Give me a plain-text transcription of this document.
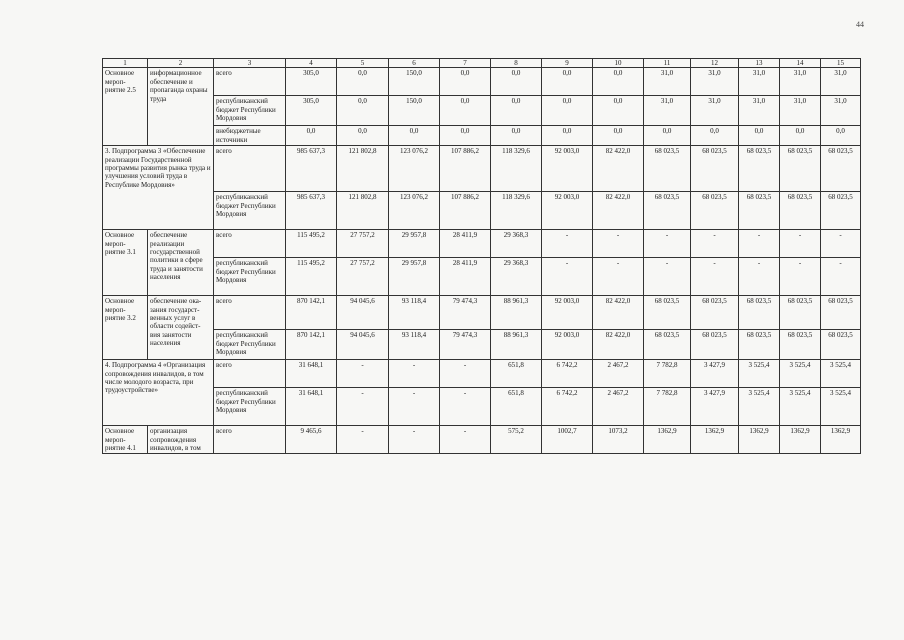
44
1	2	3	4	5	6	7	8	9	10	11	12	13	14	15
Основное мероп- риятие 2.5	информационное обеспечение и пропаганда охраны труда	всего	305,0	0,0	150,0	0,0	0,0	0,0	0,0	31,0	31,0	31,0	31,0	31,0
		республиканский бюджет Республики Мордовия	305,0	0,0	150,0	0,0	0,0	0,0	0,0	31,0	31,0	31,0	31,0	31,0
		внебюджетные источники	0,0	0,0	0,0	0,0	0,0	0,0	0,0	0,0	0,0	0,0	0,0	0,0
3. Подпрограмма 3 «Обеспечение реализации Государственной программы развития рынка труда и улучшения условий труда в Республике Мордовия»		всего	985 637,3	121 802,8	123 076,2	107 886,2	118 329,6	92 003,0	82 422,0	68 023,5	68 023,5	68 023,5	68 023,5	68 023,5
		республиканский бюджет Республики Мордовия	985 637,3	121 802,8	123 076,2	107 886,2	118 329,6	92 003,0	82 422,0	68 023,5	68 023,5	68 023,5	68 023,5	68 023,5
Основное мероп- риятие 3.1	обеспечение реализации государственной политики в сфере труда и занятости населения	всего	115 495,2	27 757,2	29 957,8	28 411,9	29 368,3	-	-	-	-	-	-	-
		республиканский бюджет Республики Мордовия	115 495,2	27 757,2	29 957,8	28 411,9	29 368,3	-	-	-	-	-	-	-
Основное мероп- риятие 3.2	обеспечение ока- зания государст- венных услуг в области содейст- вия занятости населения	всего	870 142,1	94 045,6	93 118,4	79 474,3	88 961,3	92 003,0	82 422,0	68 023,5	68 023,5	68 023,5	68 023,5	68 023,5
		республиканский бюджет Республики Мордовия	870 142,1	94 045,6	93 118,4	79 474,3	88 961,3	92 003,0	82 422,0	68 023,5	68 023,5	68 023,5	68 023,5	68 023,5
4. Подпрограмма 4 «Организация сопровождения инвалидов, в том числе молодого возраста, при трудоустройстве»		всего	31 648,1	-	-	-	651,8	6 742,2	2 467,2	7 782,8	3 427,9	3 525,4	3 525,4	3 525,4
		республиканский бюджет Республики Мордовия	31 648,1	-	-	-	651,8	6 742,2	2 467,2	7 782,8	3 427,9	3 525,4	3 525,4	3 525,4
Основное мероп- риятие 4.1	организация сопровождения инвалидов, в том	всего	9 465,6	-	-	-	575,2	1002,7	1073,2	1362,9	1362,9	1362,9	1362,9	1362,9
